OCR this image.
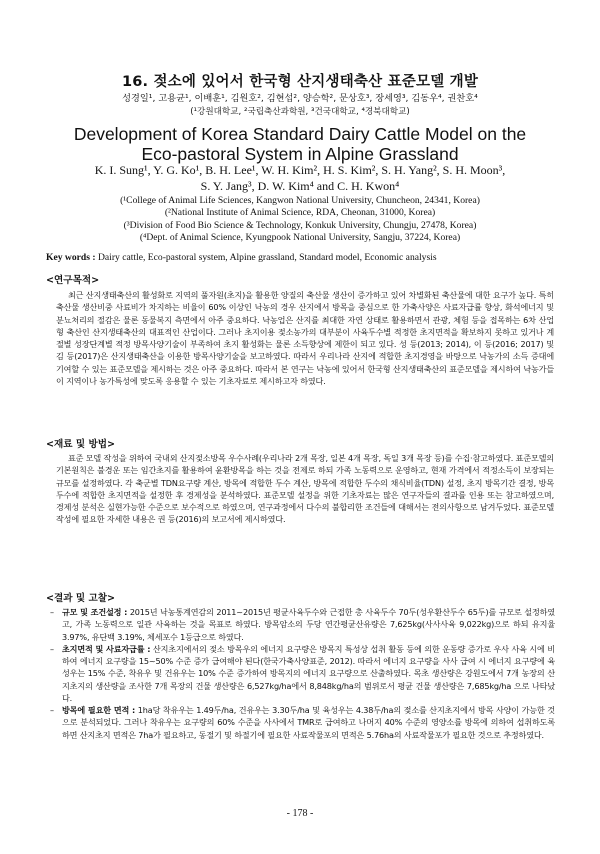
16. 젖소에 있어서 한국형 산지생태축산 표준모델 개발
성경일¹, 고용균¹, 이배훈¹, 김원호², 김현섭², 양승학², 문상호³, 장세영³, 김동우⁴, 권찬호⁴
(¹강원대학교, ²국립축산과학원, ³건국대학교, ⁴경북대학교)
Development of Korea Standard Dairy Cattle Model on the
Eco-pastoral System in Alpine Grassland
K. I. Sung¹, Y. G. Ko¹, B. H. Lee¹, W. H. Kim², H. S. Kim², S. H. Yang², S. H. Moon³,
S. Y. Jang³, D. W. Kim⁴ and C. H. Kwon⁴
(¹College of Animal Life Sciences, Kangwon National University, Chuncheon, 24341, Korea)
(²National Institute of Animal Science, RDA, Cheonan, 31000, Korea)
(³Division of Food Bio Science & Technology, Konkuk University, Chungju, 27478, Korea)
(⁴Dept. of Animal Science, Kyungpook National University, Sangju, 37224, Korea)
Key words : Dairy cattle, Eco-pastoral system, Alpine grassland, Standard model, Economic analysis
<연구목적>

최근 산지생태축산의 활성화로 지역의 풀자원(초지)을 활용한 양질의 축산물 생산이 증가하고 있어 차별화된 축산물에 대한 요구가 높다. 특히 축산물 생산비중 사료비가 차지하는 비율이 60% 이상인 낙농의 경우 산지에서 방목을 중심으로 한 가축사양은 사료자급률 향상, 화석에너지 및 분뇨처리의 절감은 물론 동물복지 측면에서 아주 중요하다. 낙농업은 산지를 최대한 자연 상태로 활용하면서 관광, 체험 등을 접목하는 6차 산업형 축산인 산지생태축산의 대표적인 산업이다. 그러나 초지이용 젖소농가의 대부분이 사육두수별 적정한 초지면적을 확보하지 못하고 있거나 계절별 성장단계별 적정 방목사양기술이 부족하여 초지 활성화는 물론 소득향상에 제한이 되고 있다. 성 등(2013; 2014), 이 등(2016; 2017) 및 김 등(2017)은 산지생태축산을 이용한 방목사양기술을 보고하였다. 따라서 우리나라 산지에 적합한 초지경영을 바탕으로 낙농가의 소득 증대에 기여할 수 있는 표준모델을 제시하는 것은 아주 중요하다. 따라서 본 연구는 낙농에 있어서 한국형 산지생태축산의 표준모델을 제시하여 낙농가들이 지역이나 농가특성에 맞도록 응용할 수 있는 기초자료로 제시하고자 하였다.

<재료 및 방법>

표준 모델 작성을 위하여 국내외 산지젖소방목 우수사례(우리나라 2개 목장, 일본 4개 목장, 독일 3개 목장 등)를 수집·참고하였다. 표준모델의 기본원칙은 불경운 또는 임간초지를 활용하여 윤환방목을 하는 것을 전제로 하되 가족 노동력으로 운영하고, 현재 가격에서 적정소득이 보장되는 규모를 설정하였다. 각 축군별 TDN요구량 계산, 방목에 적합한 두수 계산, 방목에 적합한 두수의 채식비율(TDN) 설정, 초지 방목기간 결정, 방목 두수에 적합한 초지면적을 설정한 후 경제성을 분석하였다. 표준모델 설정을 위한 기초자료는 많은 연구자들의 결과를 인용 또는 참고하였으며, 경제성 분석은 실현가능한 수준으로 보수적으로 하였으며, 연구과정에서 다수의 불합리한 조건들에 대해서는 전의사항으로 남겨두었다. 표준모델작성에 필요한 자세한 내용은 권 등(2016)의 보고서에 제시하였다.

<결과 및 고찰>
– 규모 및 조건설정 : 2015년 낙농통계연감의 2011~2015년 평균사육두수와 근접한 총 사육두수 70두(성우환산두수 65두)를 규모로 설정하였고, 가족 노동력으로 일관 사육하는 것을 목표로 하였다. 방목암소의 두당 연간평균산유량은 7,625kg(사사사육 9,022kg)으로 하되 유지율 3.97%, 유단백 3.19%, 체세포수 1등급으로 하였다.
– 초지면적 및 사료자급률 : 산지초지에서의 젖소 방목우의 에너지 요구량은 방목지 특성상 섭취 활동 등에 의한 운동량 증가로 우사 사육 시에 비하여 에너지 요구량을 15~50% 수준 증가 급여해야 된다(한국가축사양표준, 2012). 따라서 에너지 요구량을 사사 급여 시 에너지 요구량에 육성우는 15% 수준, 착유우 및 건유우는 10% 수준 증가하여 방목지의 에너지 요구량으로 산출하였다. 목초 생산량은 강원도에서 7개 농장의 산지초지의 생산량을 조사한 7개 목장의 건물 생산량은 6,527kg/ha에서 8,848kg/ha의 범위로서 평균 건물 생산량은 7,685kg/ha 으로 나타났다.
– 방목에 필요한 면적 : 1ha당 착유우는 1.49두/ha, 건유우는 3.30두/ha 및 육성우는 4.38두/ha의 젖소를 산지초지에서 방목 사양이 가능한 것으로 분석되었다. 그러나 착유우는 요구량의 60% 수준을 사사에서 TMR로 급여하고 나머지 40% 수준의 영양소를 방목에 의하여 섭취하도록 하면 산지초지 면적은 7ha가 필요하고, 동절기 및 하절기에 필요한 사료작물포의 면적은 5.76ha의 사료작물포가 필요한 것으로 추정하였다.
- 178 -
